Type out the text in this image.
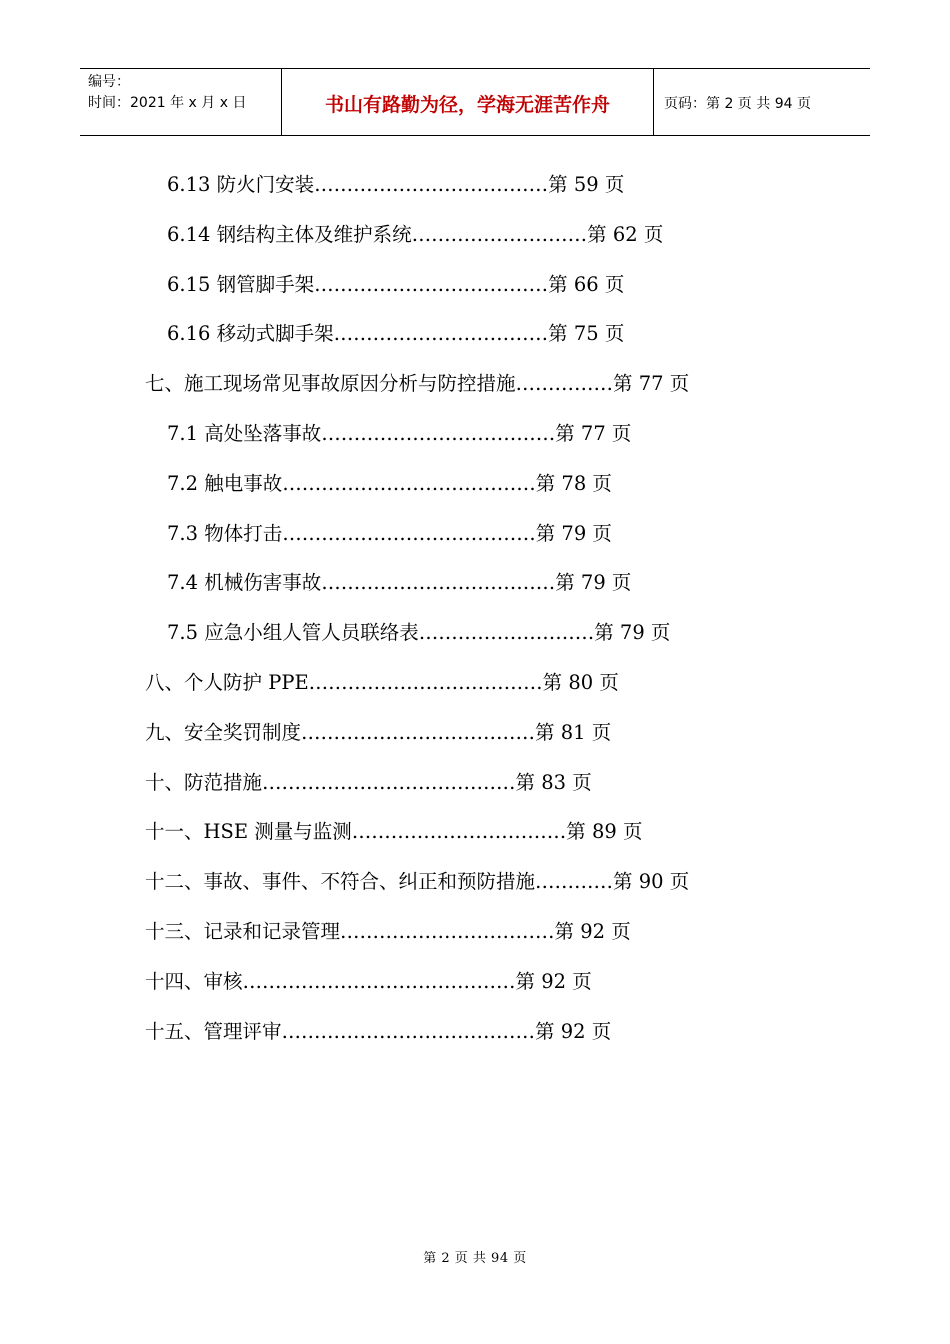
编号：
时间：2021 年 x 月 x 日	书山有路勤为径，学海无涯苦作舟	页码：第 2 页 共 94 页
6.13 防火门安装………………………………第 59 页
6.14 钢结构主体及维护系统………………………第 62 页
6.15 钢管脚手架………………………………第 66 页
6.16 移动式脚手架……………………………第 75 页
七、施工现场常见事故原因分析与防控措施……………第 77 页
7.1 高处坠落事故………………………………第 77 页
7.2 触电事故…………………………………第 78 页
7.3 物体打击…………………………………第 79 页
7.4 机械伤害事故………………………………第 79 页
7.5 应急小组人管人员联络表………………………第 79 页
八、个人防护 PPE………………………………第 80 页
九、安全奖罚制度………………………………第 81 页
十、防范措施…………………………………第 83 页
十一、HSE 测量与监测……………………………第 89 页
十二、事故、事件、不符合、纠正和预防措施…………第 90 页
十三、记录和记录管理……………………………第 92 页
十四、审核……………………………………第 92 页
十五、管理评审…………………………………第 92 页
第 2 页 共 94 页
